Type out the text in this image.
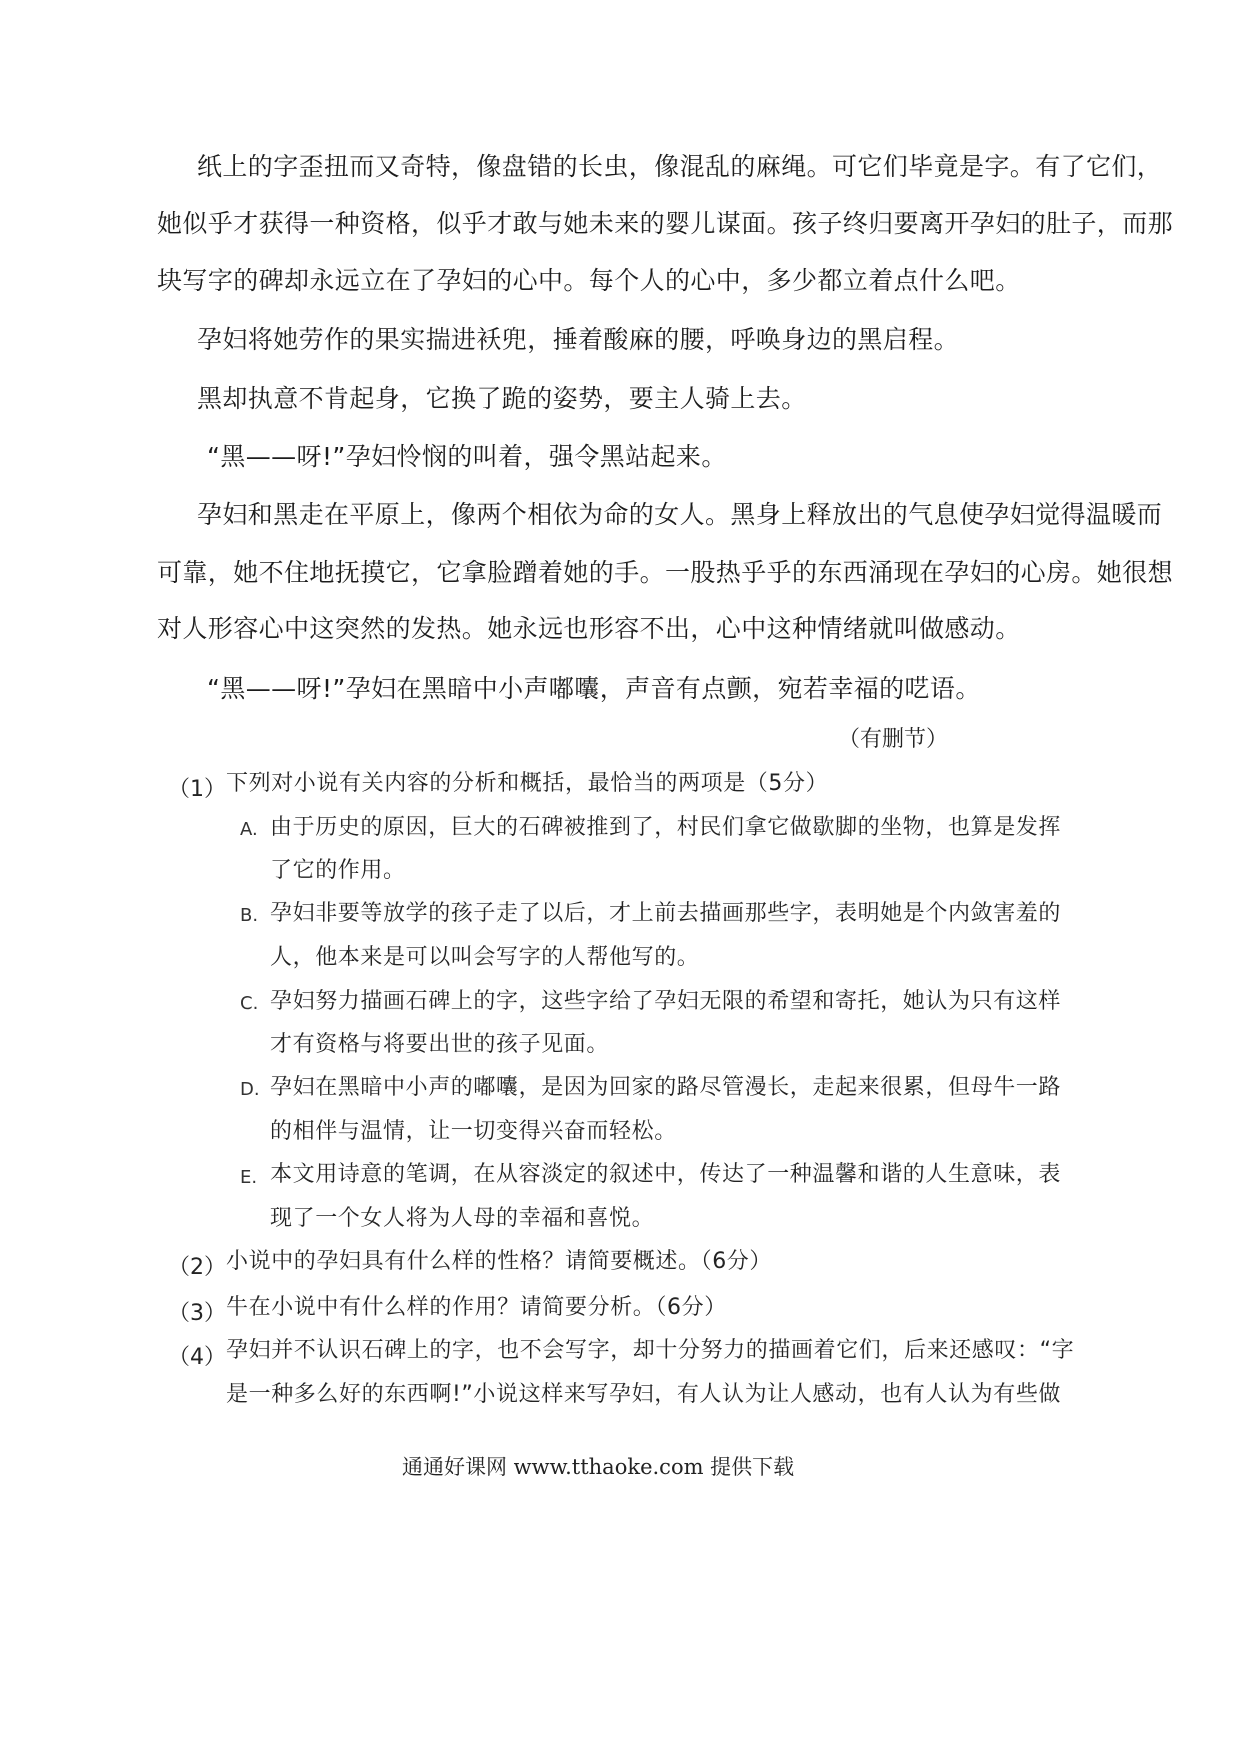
纸上的字歪扭而又奇特，像盘错的长虫，像混乱的麻绳。可它们毕竟是字。有了它们，
她似乎才获得一种资格，似乎才敢与她未来的婴儿谋面。孩子终归要离开孕妇的肚子，而那
块写字的碑却永远立在了孕妇的心中。每个人的心中，多少都立着点什么吧。
孕妇将她劳作的果实揣进袄兜，捶着酸麻的腰，呼唤身边的黑启程。
黑却执意不肯起身，它换了跪的姿势，要主人骑上去。
“黑——呀!”孕妇怜悯的叫着，强令黑站起来。
孕妇和黑走在平原上，像两个相依为命的女人。黑身上释放出的气息使孕妇觉得温暖而
可靠，她不住地抚摸它，它拿脸蹭着她的手。一股热乎乎的东西涌现在孕妇的心房。她很想
对人形容心中这突然的发热。她永远也形容不出，心中这种情绪就叫做感动。
“黑——呀!”孕妇在黑暗中小声嘟囔，声音有点颤，宛若幸福的呓语。
（有删节）
（1） 下列对小说有关内容的分析和概括，最恰当的两项是（5分）
A. 由于历史的原因，巨大的石碑被推到了，村民们拿它做歇脚的坐物，也算是发挥
了它的作用。
B. 孕妇非要等放学的孩子走了以后，才上前去描画那些字，表明她是个内敛害羞的
人，他本来是可以叫会写字的人帮他写的。
C. 孕妇努力描画石碑上的字，这些字给了孕妇无限的希望和寄托，她认为只有这样
才有资格与将要出世的孩子见面。
D. 孕妇在黑暗中小声的嘟囔，是因为回家的路尽管漫长，走起来很累，但母牛一路
的相伴与温情，让一切变得兴奋而轻松。
E. 本文用诗意的笔调，在从容淡定的叙述中，传达了一种温馨和谐的人生意味，表
现了一个女人将为人母的幸福和喜悦。
（2） 小说中的孕妇具有什么样的性格？请简要概述。（6分）
（3） 牛在小说中有什么样的作用？请简要分析。（6分）
（4） 孕妇并不认识石碑上的字，也不会写字，却十分努力的描画着它们，后来还感叹：“字
是一种多么好的东西啊!”小说这样来写孕妇，有人认为让人感动，也有人认为有些做
通通好课网 www.tthaoke.com 提供下载
